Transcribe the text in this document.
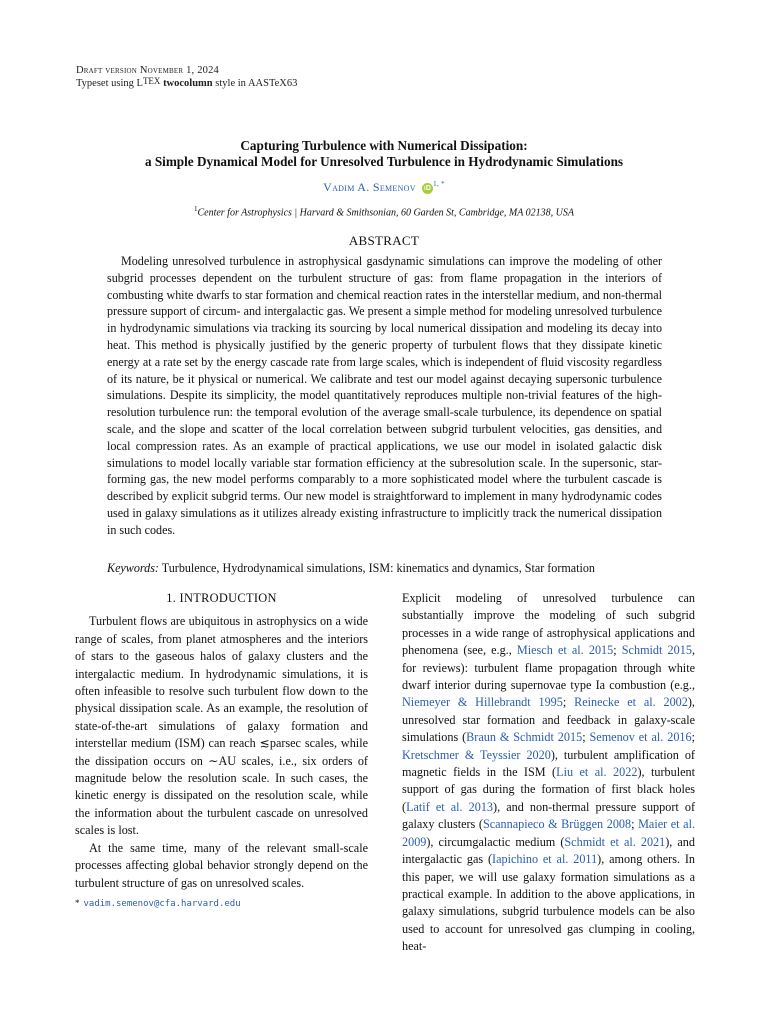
Draft version November 1, 2024
Typeset using LTEX twocolumn style in AASTeX63

Capturing Turbulence with Numerical Dissipation:
a Simple Dynamical Model for Unresolved Turbulence in Hydrodynamic Simulations

Vadim A. Semenov $iD^{1, *}$
$^1$Center for Astrophysics | Harvard & Smithsonian, 60 Garden St, Cambridge, MA 02138, USA
ABSTRACT

Modeling unresolved turbulence in astrophysical gasdynamic simulations can improve the modeling of other subgrid processes dependent on the turbulent structure of gas: from flame propagation in the interiors of combusting white dwarfs to star formation and chemical reaction rates in the interstellar medium, and non-thermal pressure support of circum- and intergalactic gas. We present a simple method for modeling unresolved turbulence in hydrodynamic simulations via tracking its sourcing by local numerical dissipation and modeling its decay into heat. This method is physically justified by the generic property of turbulent flows that they dissipate kinetic energy at a rate set by the energy cascade rate from large scales, which is independent of fluid viscosity regardless of its nature, be it physical or numerical. We calibrate and test our model against decaying supersonic turbulence simulations. Despite its simplicity, the model quantitatively reproduces multiple non-trivial features of the high-resolution turbulence run: the temporal evolution of the average small-scale turbulence, its dependence on spatial scale, and the slope and scatter of the local correlation between subgrid turbulent velocities, gas densities, and local compression rates. As an example of practical applications, we use our model in isolated galactic disk simulations to model locally variable star formation efficiency at the subresolution scale. In the supersonic, star-forming gas, the new model performs comparably to a more sophisticated model where the turbulent cascade is described by explicit subgrid terms. Our new model is straightforward to implement in many hydrodynamic codes used in galaxy simulations as it utilizes already existing infrastructure to implicitly track the numerical dissipation in such codes.

Keywords: Turbulence, Hydrodynamical simulations, ISM: kinematics and dynamics, Star formation
1. INTRODUCTION

Turbulent flows are ubiquitous in astrophysics on a wide range of scales, from planet atmospheres and the interiors of stars to the gaseous halos of galaxy clusters and the intergalactic medium. In hydrodynamic simulations, it is often infeasible to resolve such turbulent flow down to the physical dissipation scale. As an example, the resolution of state-of-the-art simulations of galaxy formation and interstellar medium (ISM) can reach ≲parsec scales, while the dissipation occurs on ∼AU scales, i.e., six orders of magnitude below the resolution scale. In such cases, the kinetic energy is dissipated on the resolution scale, while the information about the turbulent cascade on unresolved scales is lost.

At the same time, many of the relevant small-scale processes affecting global behavior strongly depend on the turbulent structure of gas on unresolved scales.

Explicit modeling of unresolved turbulence can substantially improve the modeling of such subgrid processes in a wide range of astrophysical applications and phenomena (see, e.g., Miesch et al. 2015; Schmidt 2015, for reviews): turbulent flame propagation through white dwarf interior during supernovae type Ia combustion (e.g., Niemeyer & Hillebrandt 1995; Reinecke et al. 2002), unresolved star formation and feedback in galaxy-scale simulations (Braun & Schmidt 2015; Semenov et al. 2016; Kretschmer & Teyssier 2020), turbulent amplification of magnetic fields in the ISM (Liu et al. 2022), turbulent support of gas during the formation of first black holes (Latif et al. 2013), and non-thermal pressure support of galaxy clusters (Scannapieco & Brüggen 2008; Maier et al. 2009), circumgalactic medium (Schmidt et al. 2021), and intergalactic gas (Iapichino et al. 2011), among others. In this paper, we will use galaxy formation simulations as a practical example. In addition to the above applications, in galaxy simulations, subgrid turbulence models can be also used to account for unresolved gas clumping in cooling, heat-

* vadim.semenov@cfa.harvard.edu
